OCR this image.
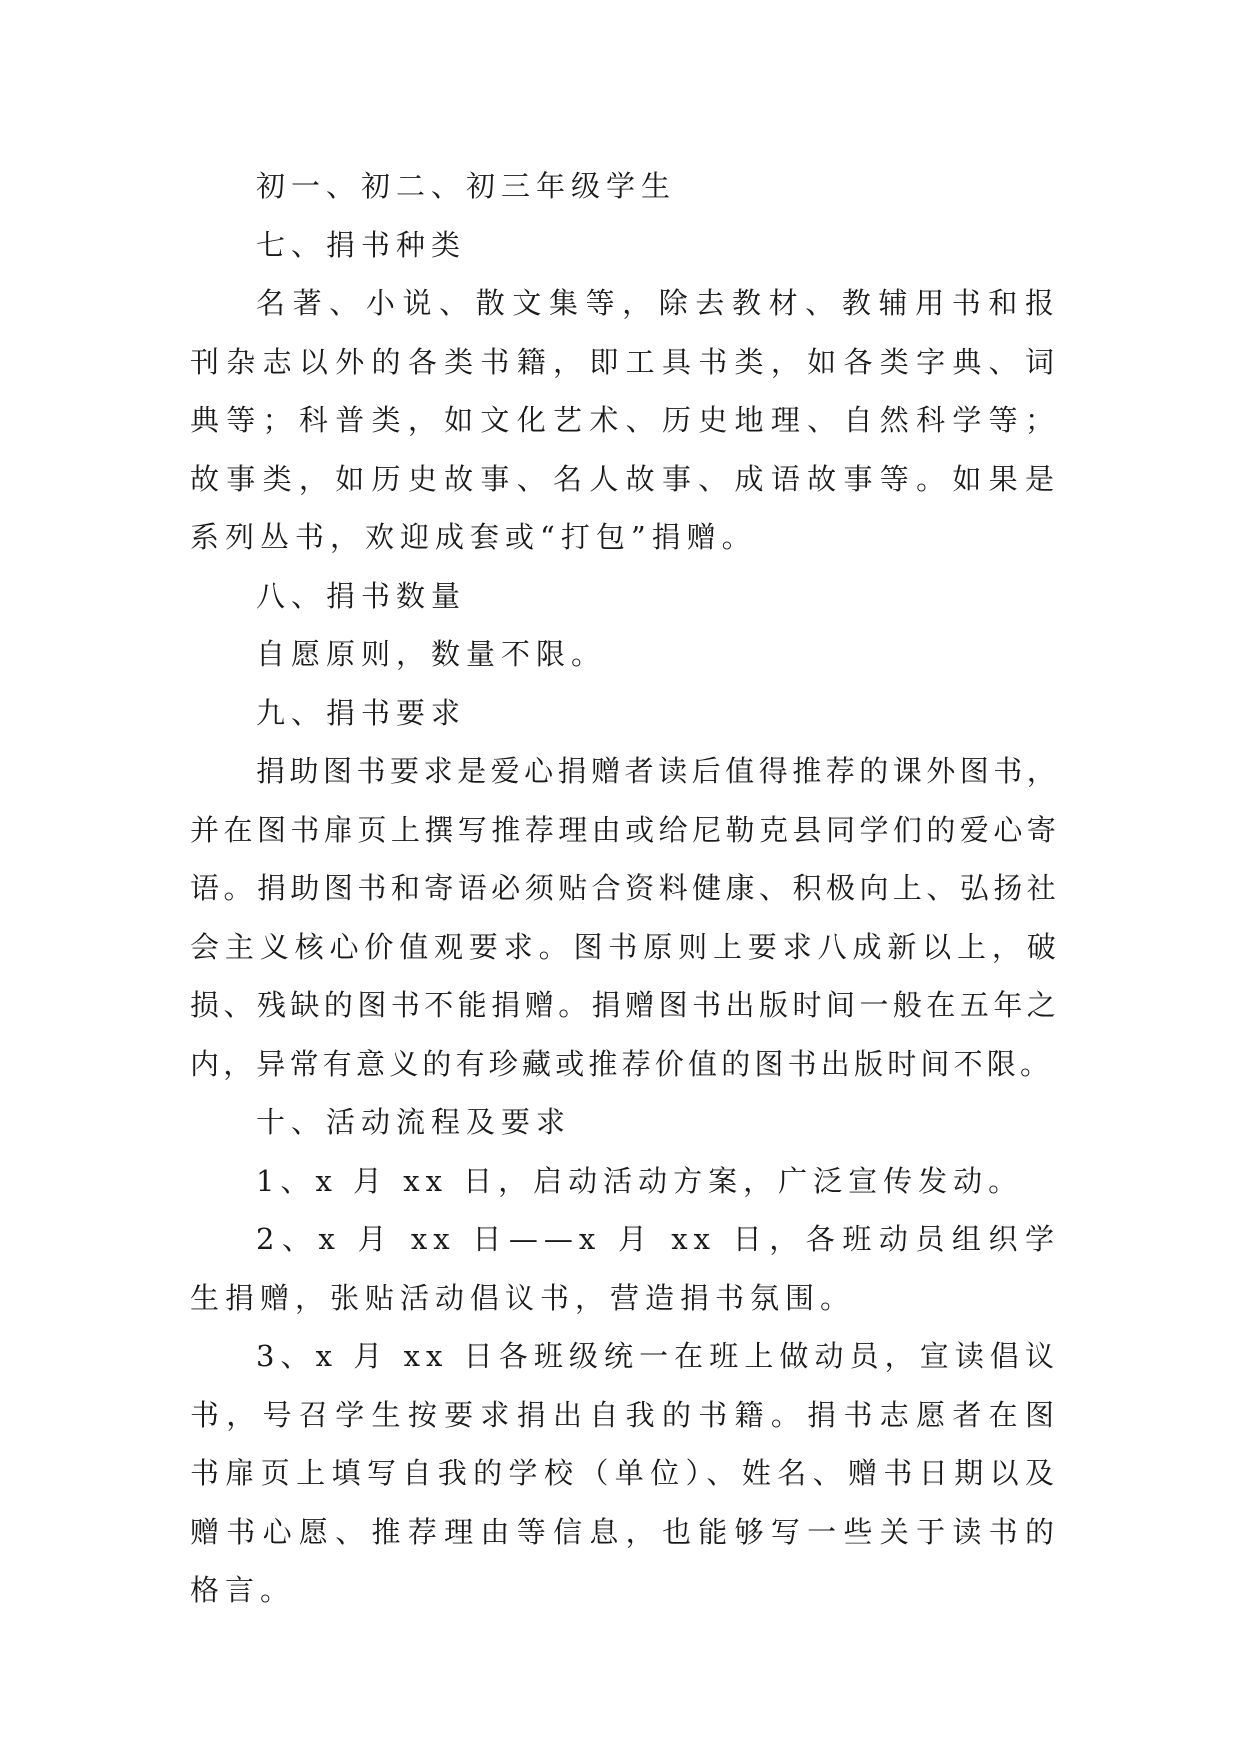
初一、初二、初三年级学生

七、捐书种类

名著、小说、散文集等，除去教材、教辅用书和报刊杂志以外的各类书籍，即工具书类，如各类字典、词典等；科普类，如文化艺术、历史地理、自然科学等；故事类，如历史故事、名人故事、成语故事等。如果是系列丛书，欢迎成套或“打包”捐赠。

八、捐书数量

自愿原则，数量不限。

九、捐书要求

捐助图书要求是爱心捐赠者读后值得推荐的课外图书，并在图书扉页上撰写推荐理由或给尼勒克县同学们的爱心寄语。捐助图书和寄语必须贴合资料健康、积极向上、弘扬社会主义核心价值观要求。图书原则上要求八成新以上，破损、残缺的图书不能捐赠。捐赠图书出版时间一般在五年之内，异常有意义的有珍藏或推荐价值的图书出版时间不限。

十、活动流程及要求

1、x 月 xx 日，启动活动方案，广泛宣传发动。

2、x 月 xx 日——x 月 xx 日，各班动员组织学生捐赠，张贴活动倡议书，营造捐书氛围。

3、x 月 xx 日各班级统一在班上做动员，宣读倡议书，号召学生按要求捐出自我的书籍。捐书志愿者在图书扉页上填写自我的学校（单位）、姓名、赠书日期以及赠书心愿、推荐理由等信息，也能够写一些关于读书的格言。
